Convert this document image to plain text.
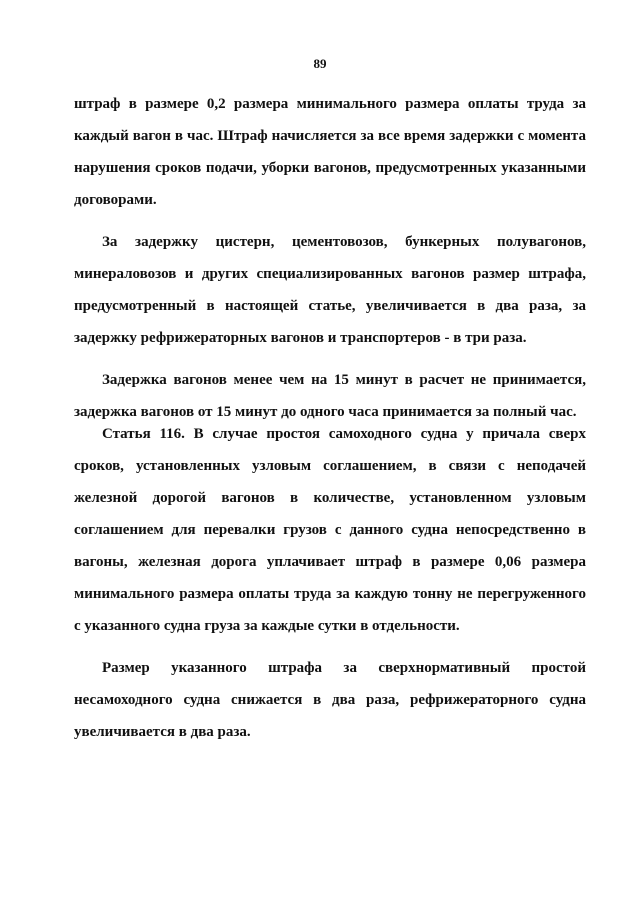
89

штраф в размере 0,2 размера минимального размера оплаты труда за каждый вагон в час. Штраф начисляется за все время задержки с момента нарушения сроков подачи, уборки вагонов, предусмотренных указанными договорами.

За задержку цистерн, цементовозов, бункерных полувагонов, минераловозов и других специализированных вагонов размер штрафа, предусмотренный в настоящей статье, увеличивается в два раза, за задержку рефрижераторных вагонов и транспортеров - в три раза.

Задержка вагонов менее чем на 15 минут в расчет не принимается, задержка вагонов от 15 минут до одного часа принимается за полный час.

Статья 116. В случае простоя самоходного судна у причала сверх сроков, установленных узловым соглашением, в связи с неподачей железной дорогой вагонов в количестве, установленном узловым соглашением для перевалки грузов с данного судна непосредственно в вагоны, железная дорога уплачивает штраф в размере 0,06 размера минимального размера оплаты труда за каждую тонну не перегруженного с указанного судна груза за каждые сутки в отдельности.

Размер указанного штрафа за сверхнормативный простой несамоходного судна снижается в два раза, рефрижераторного судна увеличивается в два раза.
